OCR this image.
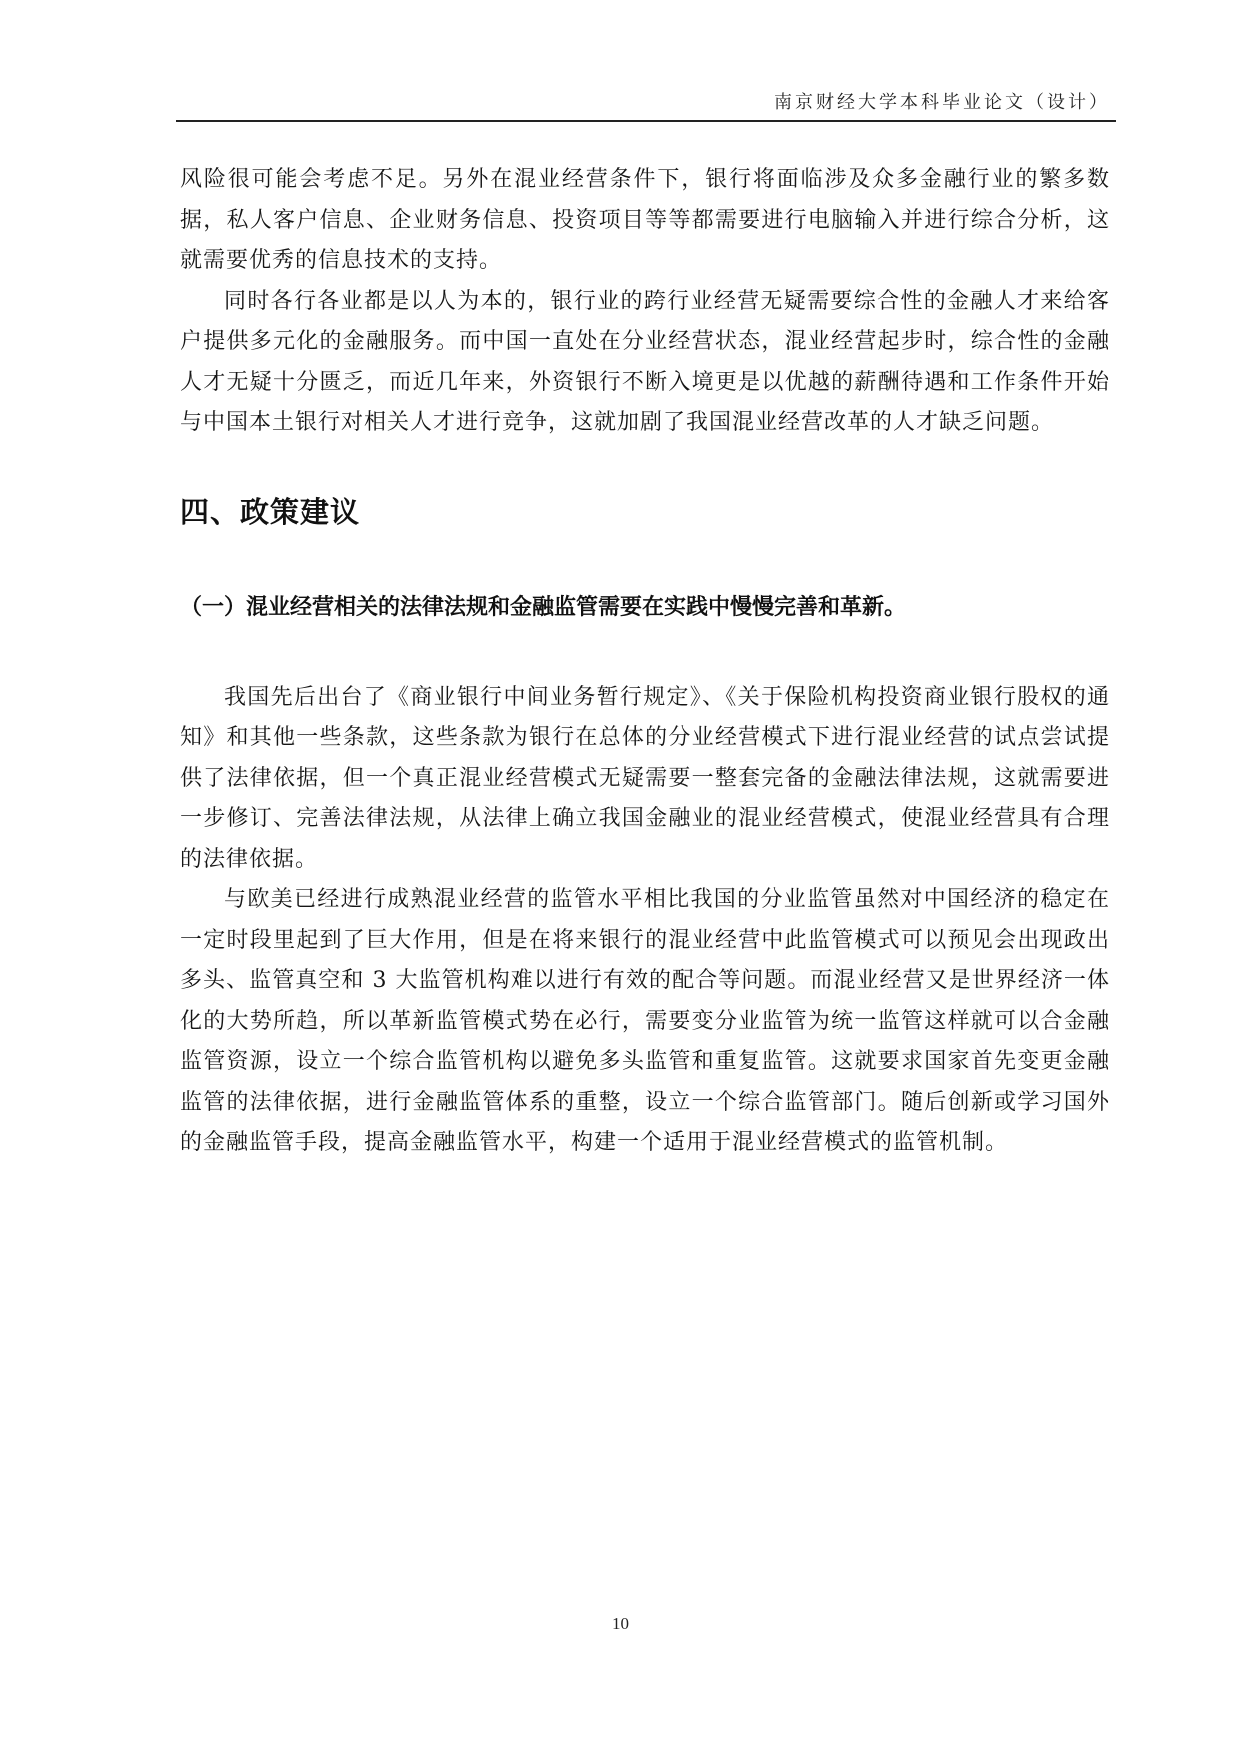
南京财经大学本科毕业论文（设计）

风险很可能会考虑不足。另外在混业经营条件下，银行将面临涉及众多金融行业的繁多数据，私人客户信息、企业财务信息、投资项目等等都需要进行电脑输入并进行综合分析，这就需要优秀的信息技术的支持。

同时各行各业都是以人为本的，银行业的跨行业经营无疑需要综合性的金融人才来给客户提供多元化的金融服务。而中国一直处在分业经营状态，混业经营起步时，综合性的金融人才无疑十分匮乏，而近几年来，外资银行不断入境更是以优越的薪酬待遇和工作条件开始与中国本土银行对相关人才进行竞争，这就加剧了我国混业经营改革的人才缺乏问题。

四、政策建议
（一）混业经营相关的法律法规和金融监管需要在实践中慢慢完善和革新。

我国先后出台了《商业银行中间业务暂行规定》、《关于保险机构投资商业银行股权的通知》和其他一些条款，这些条款为银行在总体的分业经营模式下进行混业经营的试点尝试提供了法律依据，但一个真正混业经营模式无疑需要一整套完备的金融法律法规，这就需要进一步修订、完善法律法规，从法律上确立我国金融业的混业经营模式，使混业经营具有合理的法律依据。

与欧美已经进行成熟混业经营的监管水平相比我国的分业监管虽然对中国经济的稳定在一定时段里起到了巨大作用，但是在将来银行的混业经营中此监管模式可以预见会出现政出多头、监管真空和 3 大监管机构难以进行有效的配合等问题。而混业经营又是世界经济一体化的大势所趋，所以革新监管模式势在必行，需要变分业监管为统一监管这样就可以合金融监管资源，设立一个综合监管机构以避免多头监管和重复监管。这就要求国家首先变更金融监管的法律依据，进行金融监管体系的重整，设立一个综合监管部门。随后创新或学习国外的金融监管手段，提高金融监管水平，构建一个适用于混业经营模式的监管机制。

10
